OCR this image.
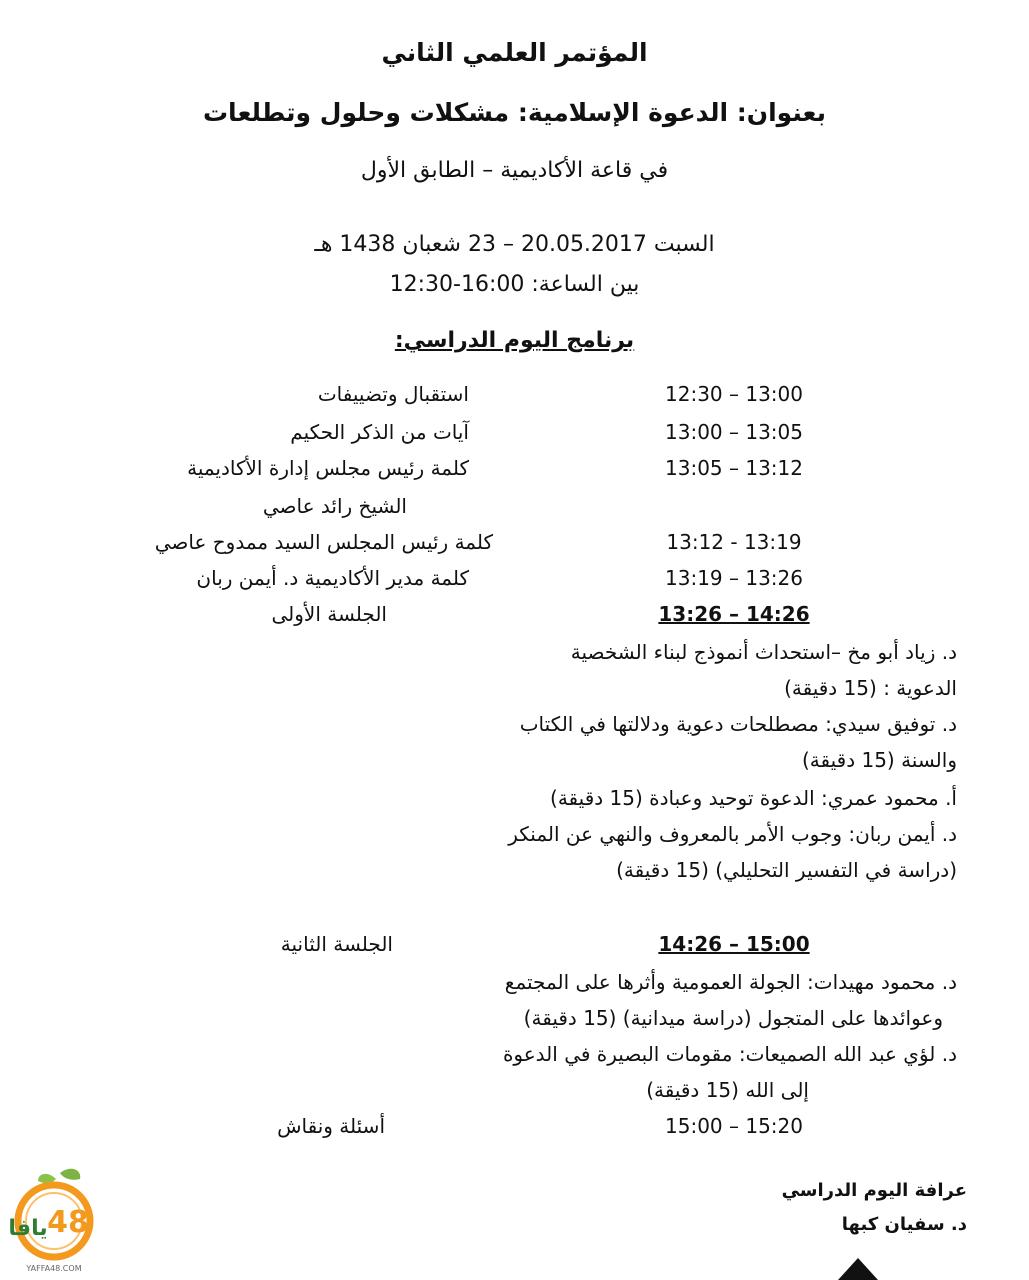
المؤتمر العلمي الثاني
بعنوان: الدعوة الإسلامية: مشكلات وحلول وتطلعات
في قاعة الأكاديمية – الطابق الأول
السبت 20.05.2017 – 23 شعبان 1438 هـ
بين الساعة: 16:00-12:30
برنامج اليوم الدراسي:
12:30 – 13:00
استقبال وتضييفات
13:00 – 13:05
آيات من الذكر الحكيم
13:05 – 13:12
كلمة رئيس مجلس إدارة الأكاديمية
الشيخ رائد عاصي
13:12 - 13:19
كلمة رئيس المجلس السيد ممدوح عاصي
13:19 – 13:26
كلمة مدير الأكاديمية د. أيمن ربان
13:26 – 14:26
الجلسة الأولى
د. زياد أبو مخ –استحداث أنموذج لبناء الشخصية
الدعوية : (15 دقيقة)
د. توفيق سيدي: مصطلحات دعوية ودلالتها في الكتاب
والسنة (15 دقيقة)
أ. محمود عمري: الدعوة توحيد وعبادة (15 دقيقة)
د. أيمن ربان: وجوب الأمر بالمعروف والنهي عن المنكر
(دراسة في التفسير التحليلي) (15 دقيقة)
14:26 – 15:00
الجلسة الثانية
د. محمود مهيدات: الجولة العمومية وأثرها على المجتمع
وعوائدها على المتجول (دراسة ميدانية) (15 دقيقة)
د. لؤي عبد الله الصميعات: مقومات البصيرة في الدعوة
إلى الله (15 دقيقة)
15:00 – 15:20
أسئلة ونقاش
عرافة اليوم الدراسي
د. سفيان كبها
48
يافا
YAFFA48.COM
